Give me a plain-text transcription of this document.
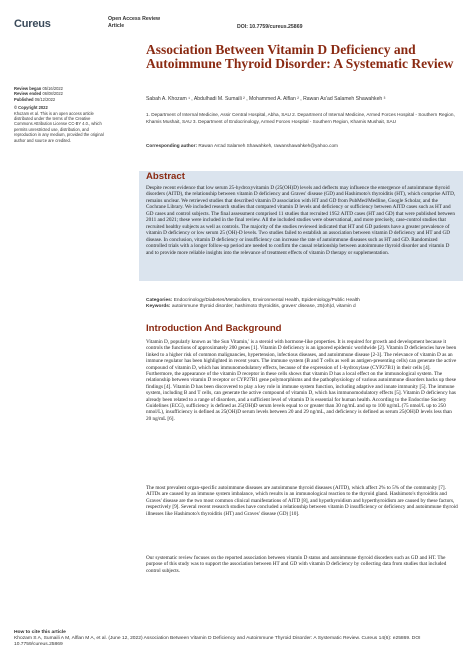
Cureus	Open Access Review
Article	DOI: 10.7759/cureus.25869
Review began 05/16/2022
Review ended 06/08/2022
Published 06/12/2022
© Copyright 2022
Khozam et al. This is an open access article distributed under the terms of the Creative Commons Attribution License CC-BY 4.0., which permits unrestricted use, distribution, and reproduction in any medium, provided the original author and source are credited.
Association Between Vitamin D Deficiency and Autoimmune Thyroid Disorder: A Systematic Review
Sabah A. Khozam ¹ , Abdulhadi M. Sumaili ² , Mohammed A. Alflan ² , Rawan As'ad Salameh Shawahkeh ³
1. Department of Internal Medicine, Assir Central Hospital, Abha, SAU 2. Department of Internal Medicine, Armed Forces Hospital - Southern Region, Khamis Mushait, SAU 3. Department of Endocrinology, Armed Forces Hospital - Southern Region, Khamis Mushait, SAU
Corresponding author: Rawan As'ad Salameh Shawahkeh, rawanshawahkeh@yahoo.com
Abstract
Despite recent evidence that low serum 25-hydroxyvitamin D (25(OH)D) levels and deflects may influence the emergence of autoimmune thyroid disorders (AITD), the relationship between vitamin D deficiency and Graves' disease (GD) and Hashimoto's thyroiditis (HT), which comprise AITD, remains unclear. We retrieved studies that described vitamin D association with HT and GD from PubMed/Medline, Google Scholar, and the Cochrane Library. We included research studies that compared vitamin D levels and deficiency or sufficiency between AITD cases such as HT and GD cases and control subjects. The final assessment comprised 11 studies that recruited 1952 AITD cases (HT and GD) that were published between 2011 and 2021; these were included in the final review. All the included studies were observational, and more precisely, case-control studies that recruited healthy subjects as well as controls. The majority of the studies reviewed indicated that HT and GD patients have a greater prevalence of vitamin D deficiency or low serum 25 (OH)-D levels. Two studies failed to establish an association between vitamin D deficiency and HT and GD disease. In conclusion, vitamin D deficiency or insufficiency can increase the rate of autoimmune diseases such as HT and GD. Randomized controlled trials with a longer follow-up period are needed to confirm the causal relationship between autoimmune thyroid disorder and vitamin D and to provide more reliable insights into the relevance of treatment effects of vitamin D therapy or supplementation.
Categories: Endocrinology/Diabetes/Metabolism, Environmental Health, Epidemiology/Public Health
Keywords: autoimmune thyroid disorder, hashimoto thyroiditis, graves' disease, 25(oh)d, vitamin d
Introduction And Background
Vitamin D, popularly known as 'the Sun Vitamin,' is a steroid with hormone-like properties. It is required for growth and development because it controls the functions of approximately 200 genes [1]. Vitamin D deficiency is an ignored epidemic worldwide [2]. Vitamin D deficiencies have been linked to a higher risk of common malignancies, hypertension, infectious diseases, and autoimmune disease [2-3]. The relevance of vitamin D as an immune regulator has been highlighted in recent years. The immune system (B and T cells as well as antigen-presenting cells) can generate the active compound of vitamin D, which has immunomodulatory effects, because of the expression of 1-hydroxylase (CYP27B1) in their cells [4]. Furthermore, the appearance of the vitamin D receptor in these cells shows that vitamin D has a local effect on the immunological system. The relationship between vitamin D receptor or CYP27B1 gene polymorphisms and the pathophysiology of various autoimmune disorders backs up these findings [4]. Vitamin D has been discovered to play a key role in immune system function, including adaptive and innate immunity [5]. The immune system, including B and T cells, can generate the active compound of vitamin D, which has immunomodulatory effects [5]. Vitamin D deficiency has already been related to a range of disorders, and a sufficient level of vitamin D is essential for human health. According to the Endocrine Society Guidelines (ECG), sufficiency is defined as 25(OH)D serum levels equal to or greater than 30 ng/mL and up to 100 ng/mL (75 nmol/L up to 250 nmol/L), insufficiency is defined as 25(OH)D serum levels between 20 and 29 ng/mL, and deficiency is defined as serum 25(OH)D levels less than 20 ng/mL [6].
The most prevalent organ-specific autoimmune diseases are autoimmune thyroid diseases (AITD), which affect 2% to 5% of the community [7]. AITDs are caused by an immune system imbalance, which results in an immunological reaction to the thyroid gland. Hashimoto's thyroiditis and Graves' disease are the two most common clinical manifestations of AITD [8], and hypothyroidism and hyperthyroidism are caused by these factors, respectively [9]. Several recent research studies have concluded a relationship between vitamin D insufficiency or deficiency and autoimmune thyroid illnesses like Hashimoto's thyroiditis (HT) and Graves' disease (GD) [10].
Our systematic review focuses on the reported association between vitamin D status and autoimmune thyroid disorders such as GD and HT. The purpose of this study was to support the association between HT and GD with vitamin D deficiency by collecting data from studies that included control subjects.
How to cite this article
Khozam S A, Sumaili A M, Alflan M A, et al. (June 12, 2022) Association Between Vitamin D Deficiency and Autoimmune Thyroid Disorder: A Systematic Review. Cureus 14(6): e25869. DOI 10.7759/cureus.25869
